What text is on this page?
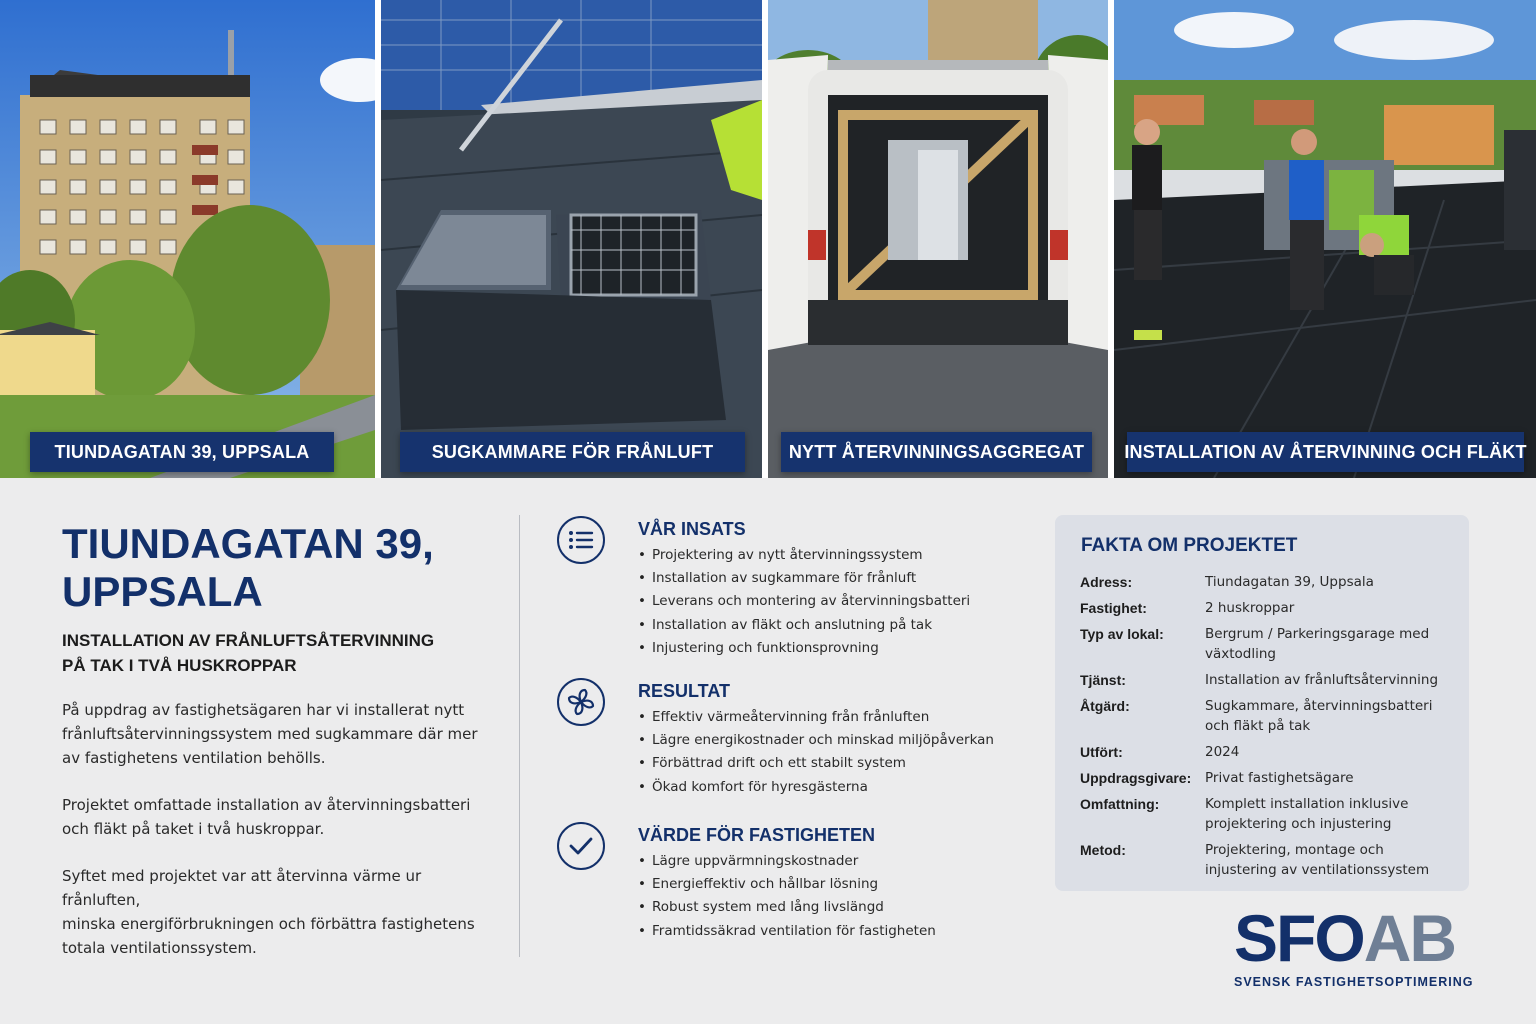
TIUNDAGATAN 39, UPPSALA	SUGKAMMARE FÖR FRÅNLUFT	NYTT ÅTERVINNINGSAGGREGAT	INSTALLATION AV ÅTERVINNING OCH FLÄKT
TIUNDAGATAN 39,
UPPSALA
INSTALLATION AV FRÅNLUFTSÅTERVINNING
PÅ TAK I TVÅ HUSKROPPAR
På uppdrag av fastighetsägaren har vi installerat nytt
frånluftsåtervinningssystem med sugkammare där mer
av fastighetens ventilation behölls.
Projektet omfattade installation av återvinningsbatteri
och fläkt på taket i två huskroppar.
Syftet med projektet var att återvinna värme ur frånluften,
minska energiförbrukningen och förbättra fastighetens
totala ventilationssystem.
VÅR INSATS
• Projektering av nytt återvinningssystem
• Installation av sugkammare för frånluft
• Leverans och montering av återvinningsbatteri
• Installation av fläkt och anslutning på tak
• Injustering och funktionsprovning
RESULTAT
• Effektiv värmeåtervinning från frånluften
• Lägre energikostnader och minskad miljöpåverkan
• Förbättrad drift och ett stabilt system
• Ökad komfort för hyresgästerna
VÄRDE FÖR FASTIGHETEN
• Lägre uppvärmningskostnader
• Energieffektiv och hållbar lösning
• Robust system med lång livslängd
• Framtidssäkrad ventilation för fastigheten
FAKTA OM PROJEKTET
Adress:	Tiundagatan 39, Uppsala
Fastighet:	2 huskroppar
Typ av lokal:	Bergrum / Parkeringsgarage med växtodling
Tjänst:	Installation av frånluftsåtervinning
Åtgärd:	Sugkammare, återvinningsbatteri och fläkt på tak
Utfört:	2024
Uppdragsgivare:	Privat fastighetsägare
Omfattning:	Komplett installation inklusive projektering och injustering
Metod:	Projektering, montage och injustering av ventilationssystem
SFOAB
SVENSK FASTIGHETSOPTIMERING
